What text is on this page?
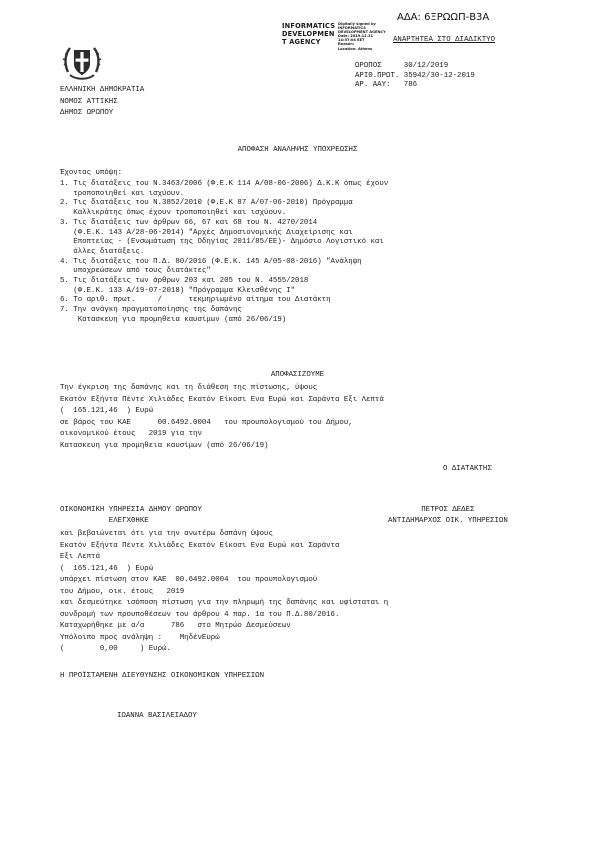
ΑΔΑ: 6ΞΡΩΩΠ-Β3Α
INFORMATICS
DEVELOPMEN
T AGENCY
Digitally signed by
INFORMATICS
DEVELOPMENT AGENCY
Date: 2019.12.31
14:57:04 EET
Reason:
Location: Athens
ΑΝΑΡΤΗΤΕΑ ΣΤΟ ΔΙΑΔΙΚΤΥΟ
ΩΡΩΠΟΣ     30/12/2019
ΑΡΙΘ.ΠΡΩΤ. 35942/30-12-2019
ΑΡ. ΑΑΥ:   786
ΕΛΛΗΝΙΚΗ ΔΗΜΟΚΡΑΤΙΑ
ΝΟΜΟΣ ΑΤΤΙΚΗΣ
ΔΗΜΟΣ ΩΡΩΠΟΥ
ΑΠΟΦΑΣΗ ΑΝΑΛΗΨΗΣ ΥΠΟΧΡΕΩΣΗΣ
Έχοντας υπόψη:
1. Τις διατάξεις του Ν.3463/2006 (Φ.Ε.Κ 114 Α/08-06-2006) Δ.Κ.Κ όπως έχουν
τροποποιηθεί και ισχύουν.
2. Τις διατάξεις του Ν.3852/2010 (Φ.Ε.Κ 87 Α/07-06-2010) Πρόγραμμα
Καλλικράτης όπως έχουν τροποποιηθεί και ισχύουν.
3. Τις διατάξεις των άρθρων 66, 67 και 68 του Ν. 4270/2014
(Φ.Ε.Κ. 143 Α/28-06-2014) "Αρχές Δημοσιονομικής Διαχείρισης και
Εποπτείας - (Ενσωμάτωση της Οδηγίας 2011/85/ΕΕ)- Δημόσιο Λογιστικό και
άλλες διατάξεις.
4. Τις διατάξεις του Π.Δ. 80/2016 (Φ.Ε.Κ. 145 Α/05-08-2016) "Ανάληψη
υποχρεώσεων από τους διατάκτες"
5. Τις διατάξεις των άρθρων 203 και 205 του Ν. 4555/2018
(Φ.Ε.Κ. 133 Α/19-07-2018) "Πρόγραμμα Κλεισθένης Ι"
6. Το αριθ. πρωτ.     /      τεκμηριωμένο αίτημα του Διατάκτη
7. Την ανάγκη πραγματοποίησης της δαπάνης
Κατασκευη για προμηθεια καυσίμων (από 26/06/19)
ΑΠΟΦΑΣΙΖΟΥΜΕ
Την έγκριση της δαπάνης και τη διάθεση της πίστωσης, ύψους
Εκατόν Εξήντα Πέντε Χιλιάδες Εκατόν Είκοσι Ενα Ευρώ και Σαράντα Εξι Λεπτά
(  165.121,46  ) Ευρώ
σε βάρος του ΚΑΕ      00.6492.0004   του προυπολογισμού του Δήμου,
οικονομικού έτους   2019 για την
Κατασκευη για προμηθεια καυσίμων (από 26/06/19)
Ο ΔΙΑΤΑΚΤΗΣ
ΟΙΚΟΝΟΜΙΚΗ ΥΠΗΡΕΣΙΑ ΔΗΜΟΥ ΩΡΩΠΟΥ
ΕΛΕΓΧΘΗΚΕ
ΠΕΤΡΟΣ ΔΕΔΕΣ
ΑΝΤΙΔΗΜΑΡΧΟΣ ΟΙΚ. ΥΠΗΡΕΣΙΩΝ
και βεβαιώνεται ότι για την ανωτέρω δαπάνη ύψους
Εκατόν Εξήντα Πέντε Χιλιάδες Εκατόν Είκοσι Ενα Ευρώ και Σαράντα
Εξι Λεπτά
(  165.121,46  ) Ευρώ
υπάρχει πίστωση στον ΚΑΕ  00.6492.0004  του προυπολογισμού
του Δήμου, οικ. έτους   2019
και δεσμεύτηκε ισόποση πίστωση για την πληρωμή της δαπάνης και υφίσταται η
συνδρομή των προυποθέσεων του άρθρου 4 παρ. 1α του Π.Δ.80/2016.
Καταχωρήθηκε με α/α      786   στο Μητρώο Δεσμεύσεων
Υπόλοιπο προς ανάληψη :    ΜηδένΕυρώ
(        0,00     ) Ευρώ.
Η ΠΡΟΪΣΤΑΜΕΝΗ ΔΙΕΥΘΥΝΣΗΣ ΟΙΚΟΝΟΜΙΚΩΝ ΥΠΗΡΕΣΙΩΝ
ΙΩΑΝΝΑ ΒΑΣΙΛΕΙΑΔΟΥ
